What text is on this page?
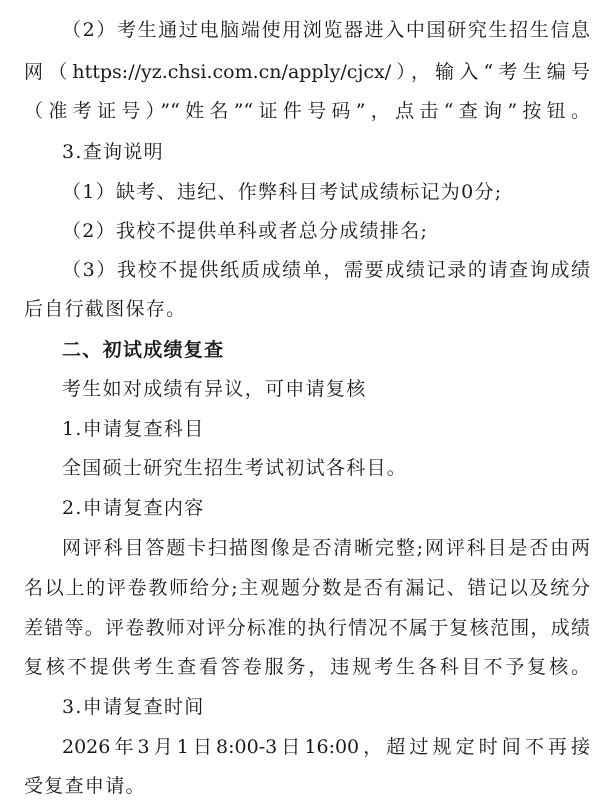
（2）考生通过电脑端使用浏览器进入中国研究生招生信息
网（https://yz.chsi.com.cn/apply/cjcx/），输入“考生编号
（准考证号）”“姓名”“证件号码”，点击“查询”按钮。
3.查询说明
（1）缺考、违纪、作弊科目考试成绩标记为0分;
（2）我校不提供单科或者总分成绩排名;
（3）我校不提供纸质成绩单，需要成绩记录的请查询成绩
后自行截图保存。
二、初试成绩复查
考生如对成绩有异议，可申请复核
1.申请复查科目
全国硕士研究生招生考试初试各科目。
2.申请复查内容
网评科目答题卡扫描图像是否清晰完整;网评科目是否由两
名以上的评卷教师给分;主观题分数是否有漏记、错记以及统分
差错等。评卷教师对评分标准的执行情况不属于复核范围，成绩
复核不提供考生查看答卷服务，违规考生各科目不予复核。
3.申请复查时间
2026年3月1日8:00-3日16:00，超过规定时间不再接
受复查申请。
